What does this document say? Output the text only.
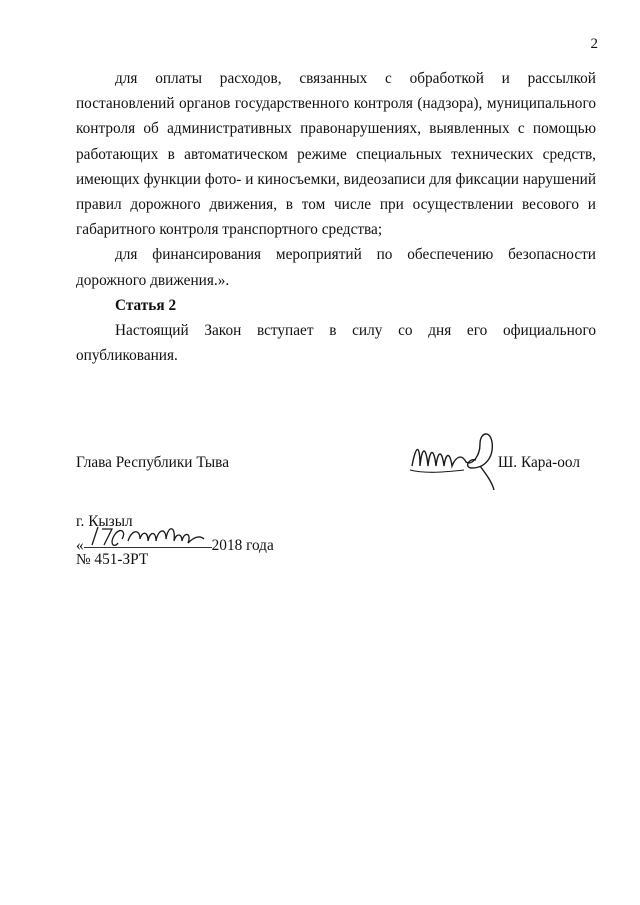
2

для оплаты расходов, связанных с обработкой и рассылкой постановлений органов государственного контроля (надзора), муниципального контроля об административных правонарушениях, выявленных с помощью работающих в автоматическом режиме специальных технических средств, имеющих функции фото- и киносъемки, видеозаписи для фиксации нарушений правил дорожного движения, в том числе при осуществлении весового и габаритного контроля транспортного средства;

для финансирования мероприятий по обеспечению безопасности дорожного движения.».

Статья 2

Настоящий Закон вступает в силу со дня его официального опубликования.

Глава Республики Тыва	Ш. Кара-оол
г. Кызыл
«	2018 года
№ 451-ЗРТ
